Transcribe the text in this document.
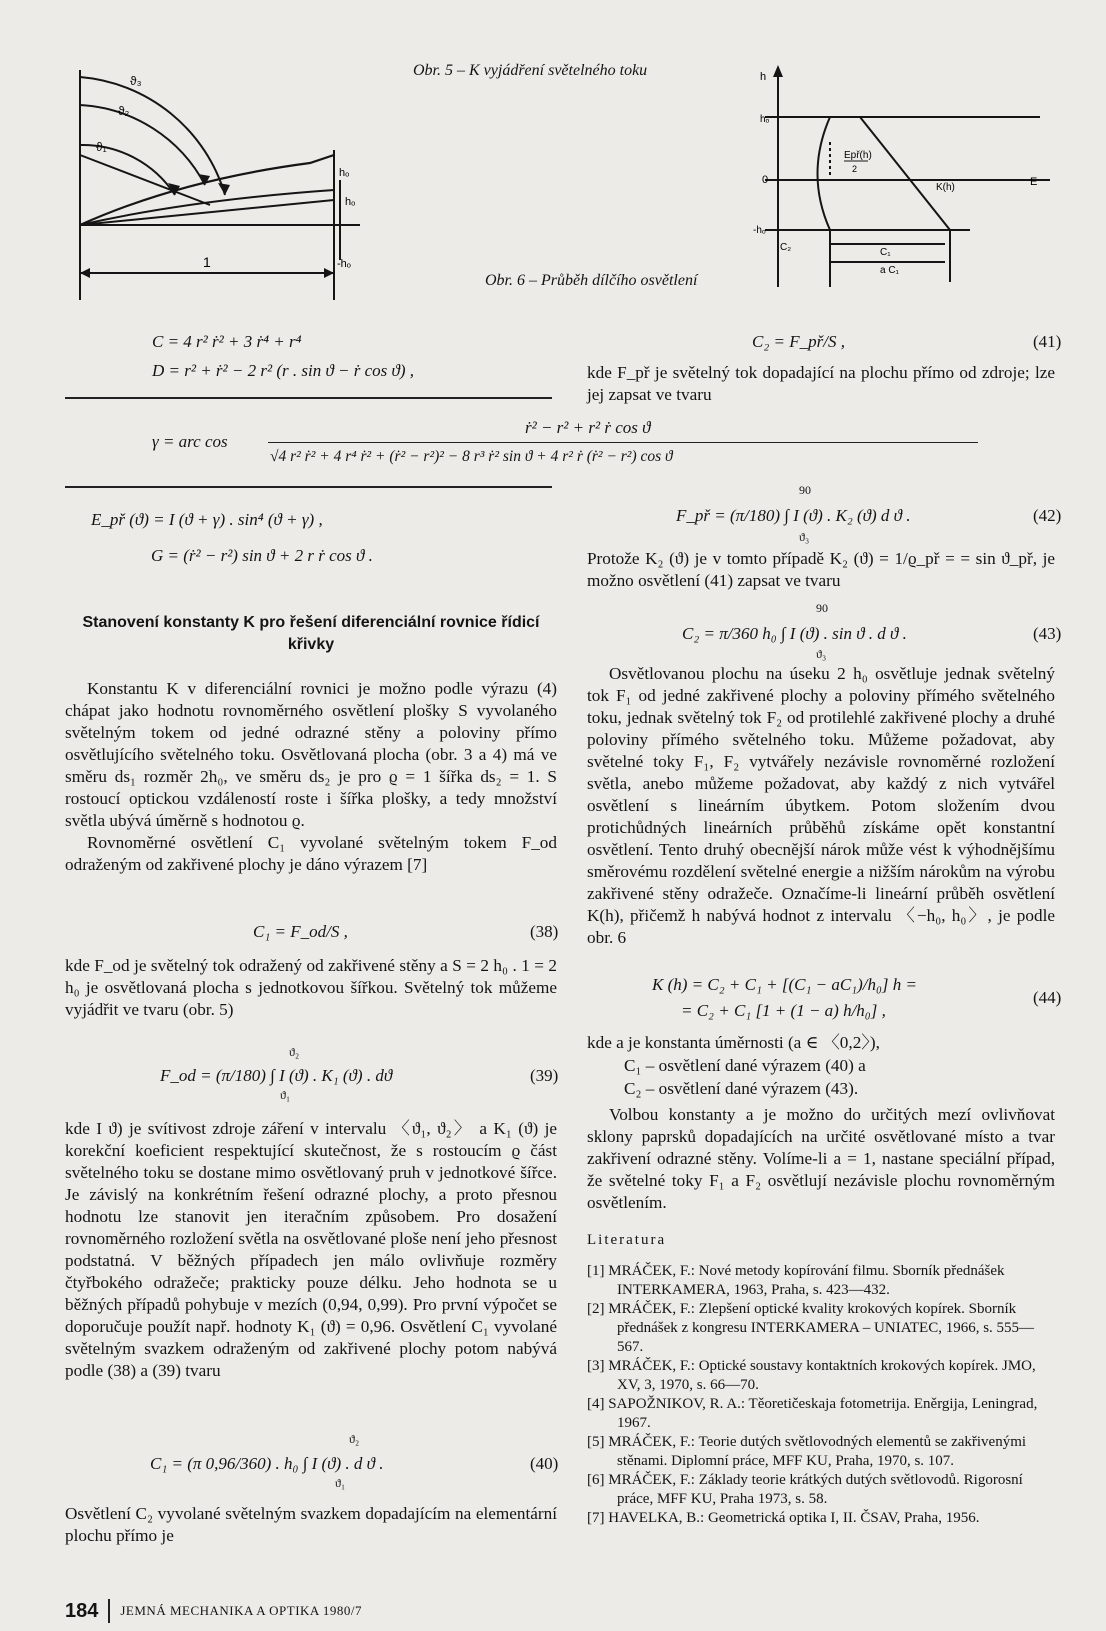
ϑ₃
ϑ₂
ϑ₁
hₒ
hₒ
-hₒ
1
Obr. 5 – K vyjádření světelného toku	h
hₒ
0
-hₒ
Epř(h)
2
K(h)	E
C₂	C₁
a C₁
Obr. 6 – Průběh dílčího osvětlení
C = 4 r² ṙ² + 3 ṙ⁴ + r⁴
D = r² + ṙ² − 2 r² (r . sin ϑ − ṙ cos ϑ) ,
C₂ = F_př/S ,	(41)
kde F_př je světelný tok dopadající na plochu přímo od zdroje; lze jej zapsat ve tvaru
γ = arc cos
ṙ² − r² + r² ṙ cos ϑ
√4 r² ṙ² + 4 r⁴ ṙ² + (ṙ² − r²)² − 8 r³ ṙ² sin ϑ + 4 r² ṙ (ṙ² − r²) cos ϑ
E_př (ϑ) = I (ϑ + γ) . sin⁴ (ϑ + γ) ,
G = (ṙ² − r²) sin ϑ + 2 r ṙ cos ϑ .
90
F_př = (π/180) ∫ I (ϑ) . K₂ (ϑ) d ϑ .
ϑ₃
(42)
Protože K₂ (ϑ) je v tomto případě K₂ (ϑ) = 1/ϱ_př = = sin ϑ_př, je možno osvětlení (41) zapsat ve tvaru
90
C₂ = π/360 h₀ ∫ I (ϑ) . sin ϑ . d ϑ .
ϑ₃
(43)
Stanovení konstanty K pro řešení diferenciální rovnice řídicí křivky

Konstantu K v diferenciální rovnici je možno podle výrazu (4) chápat jako hodnotu rovnoměrného osvětlení plošky S vyvolaného světelným tokem od jedné odrazné stěny a poloviny přímo osvětlujícího světelného toku. Osvětlovaná plocha (obr. 3 a 4) má ve směru ds₁ rozměr 2h₀, ve směru ds₂ je pro ϱ = 1 šířka ds₂ = 1. S rostoucí optickou vzdáleností roste i šířka plošky, a tedy množství světla ubývá úměrně s hodnotou ϱ.

Rovnoměrné osvětlení C₁ vyvolané světelným tokem F_od odraženým od zakřivené plochy je dáno výrazem [7]

C₁ = F_od/S ,	(38)
kde F_od je světelný tok odražený od zakřivené stěny a S = 2 h₀ . 1 = 2 h₀ je osvětlovaná plocha s jednotkovou šířkou. Světelný tok můžeme vyjádřit ve tvaru (obr. 5)
ϑ₂
F_od = (π/180) ∫ I (ϑ) . K₁ (ϑ) . dϑ
ϑ₁
(39)
kde I ϑ) je svítivost zdroje záření v intervalu 〈ϑ₁, ϑ₂〉 a K₁ (ϑ) je korekční koeficient respektující skutečnost, že s rostoucím ϱ část světelného toku se dostane mimo osvětlovaný pruh v jednotkové šířce. Je závislý na konkrétním řešení odrazné plochy, a proto přesnou hodnotu lze stanovit jen iteračním způsobem. Pro dosažení rovnoměrného rozložení světla na osvětlované ploše není jeho přesnost podstatná. V běžných případech jen málo ovlivňuje rozměry čtyřbokého odražeče; prakticky pouze délku. Jeho hodnota se u běžných případů pohybuje v mezích (0,94, 0,99). Pro první výpočet se doporučuje použít např. hodnoty K₁ (ϑ) = 0,96. Osvětlení C₁ vyvolané světelným svazkem odraženým od zakřivené plochy potom nabývá podle (38) a (39) tvaru
ϑ₂
C₁ = (π 0,96/360) . h₀ ∫ I (ϑ) . d ϑ .
ϑ₁
(40)
Osvětlení C₂ vyvolané světelným svazkem dopadajícím na elementární plochu přímo je
Osvětlovanou plochu na úseku 2 h₀ osvětluje jednak světelný tok F₁ od jedné zakřivené plochy a poloviny přímého světelného toku, jednak světelný tok F₂ od protilehlé zakřivené plochy a druhé poloviny přímého světelného toku. Můžeme požadovat, aby světelné toky F₁, F₂ vytvářely nezávisle rovnoměrné rozložení světla, anebo můžeme požadovat, aby každý z nich vytvářel osvětlení s lineárním úbytkem. Potom složením dvou protichůdných lineárních průběhů získáme opět konstantní osvětlení. Tento druhý obecnější nárok může vést k výhodnějšímu směrovému rozdělení světelné energie a nižším nárokům na výrobu zakřivené stěny odražeče. Označíme-li lineární průběh osvětlení K(h), přičemž h nabývá hodnot z intervalu 〈−h₀, h₀〉, je podle obr. 6
K (h) = C₂ + C₁ + [(C₁ − aC₁)/h₀] h =
= C₂ + C₁ [1 + (1 − a) h/h₀] ,
(44)
kde a je konstanta úměrnosti (a ∈ 〈0,2〉),
C₁ – osvětlení dané výrazem (40) a
C₂ – osvětlení dané výrazem (43).
Volbou konstanty a je možno do určitých mezí ovlivňovat sklony paprsků dopadajících na určité osvětlované místo a tvar zakřivení odrazné stěny. Volíme-li a = 1, nastane speciální případ, že světelné toky F₁ a F₂ osvětlují nezávisle plochu rovnoměrným osvětlením.
Literatura
[1] MRÁČEK, F.: Nové metody kopírování filmu. Sborník přednášek INTERKAMERA, 1963, Praha, s. 423—432.
[2] MRÁČEK, F.: Zlepšení optické kvality krokových kopírek. Sborník přednášek z kongresu INTERKAMERA – UNIATEC, 1966, s. 555—567.
[3] MRÁČEK, F.: Optické soustavy kontaktních krokových kopírek. JMO, XV, 3, 1970, s. 66—70.
[4] SAPOŽNIKOV, R. A.: Těoretičeskaja fotometrija. Eněrgija, Leningrad, 1967.
[5] MRÁČEK, F.: Teorie dutých světlovodných elementů se zakřivenými stěnami. Diplomní práce, MFF KU, Praha, 1970, s. 107.
[6] MRÁČEK, F.: Základy teorie krátkých dutých světlovodů. Rigorosní práce, MFF KU, Praha 1973, s. 58.
[7] HAVELKA, B.: Geometrická optika I, II. ČSAV, Praha, 1956.
184 JEMNÁ MECHANIKA A OPTIKA 1980/7
